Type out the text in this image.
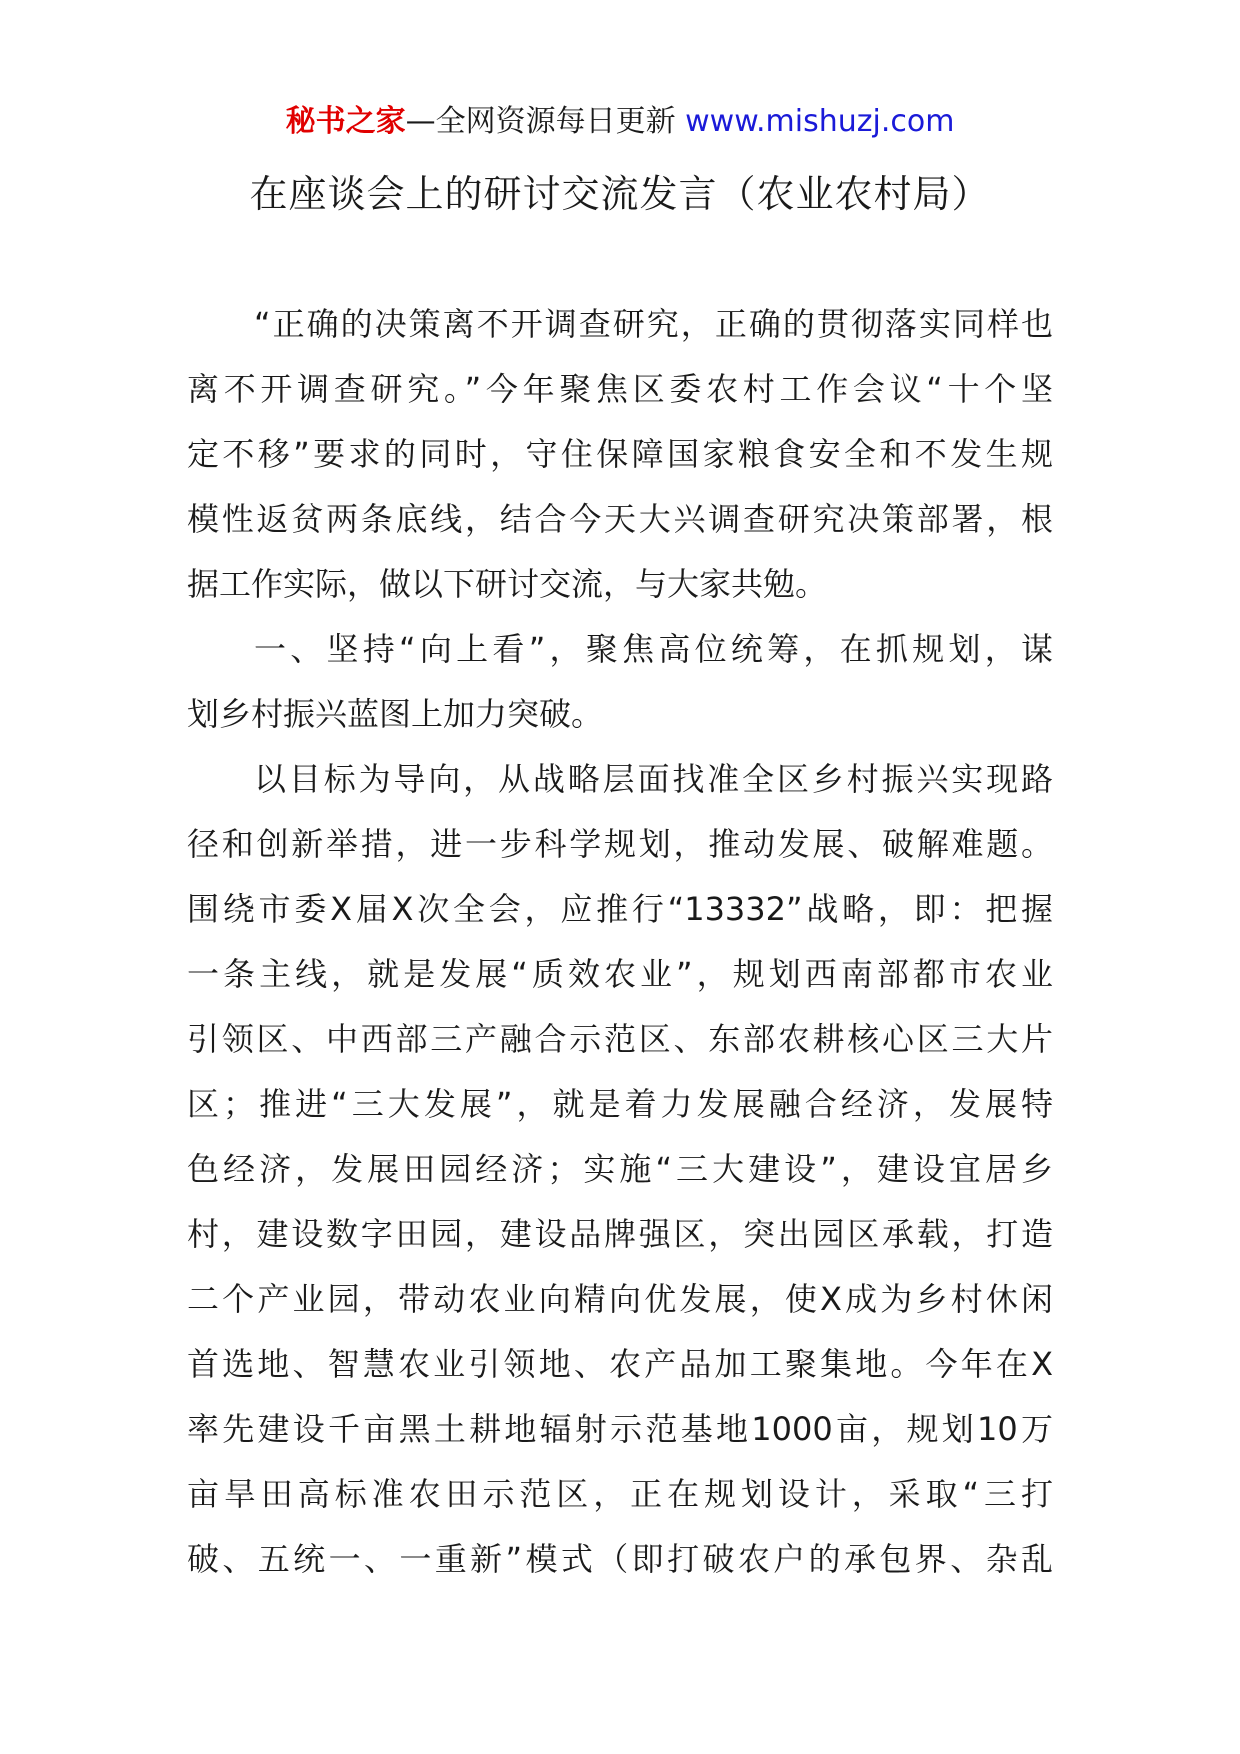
秘书之家—全网资源每日更新 www.mishuzj.com
在座谈会上的研讨交流发言（农业农村局）
“正确的决策离不开调查研究，正确的贯彻落实同样也
离不开调查研究。”今年聚焦区委农村工作会议“十个坚
定不移”要求的同时，守住保障国家粮食安全和不发生规
模性返贫两条底线，结合今天大兴调查研究决策部署，根
据工作实际，做以下研讨交流，与大家共勉。
一、坚持“向上看”，聚焦高位统筹，在抓规划，谋
划乡村振兴蓝图上加力突破。
以目标为导向，从战略层面找准全区乡村振兴实现路
径和创新举措，进一步科学规划，推动发展、破解难题。
围绕市委Ⅹ届Ⅹ次全会，应推行“13332”战略，即：把握
一条主线，就是发展“质效农业”，规划西南部都市农业
引领区、中西部三产融合示范区、东部农耕核心区三大片
区；推进“三大发展”，就是着力发展融合经济，发展特
色经济，发展田园经济；实施“三大建设”，建设宜居乡
村，建设数字田园，建设品牌强区，突出园区承载，打造
二个产业园，带动农业向精向优发展，使Ⅹ成为乡村休闲
首选地、智慧农业引领地、农产品加工聚集地。今年在Ⅹ
率先建设千亩黑土耕地辐射示范基地1000亩，规划10万
亩旱田高标准农田示范区，正在规划设计，采取“三打
破、五统一、一重新”模式（即打破农户的承包界、杂乱
